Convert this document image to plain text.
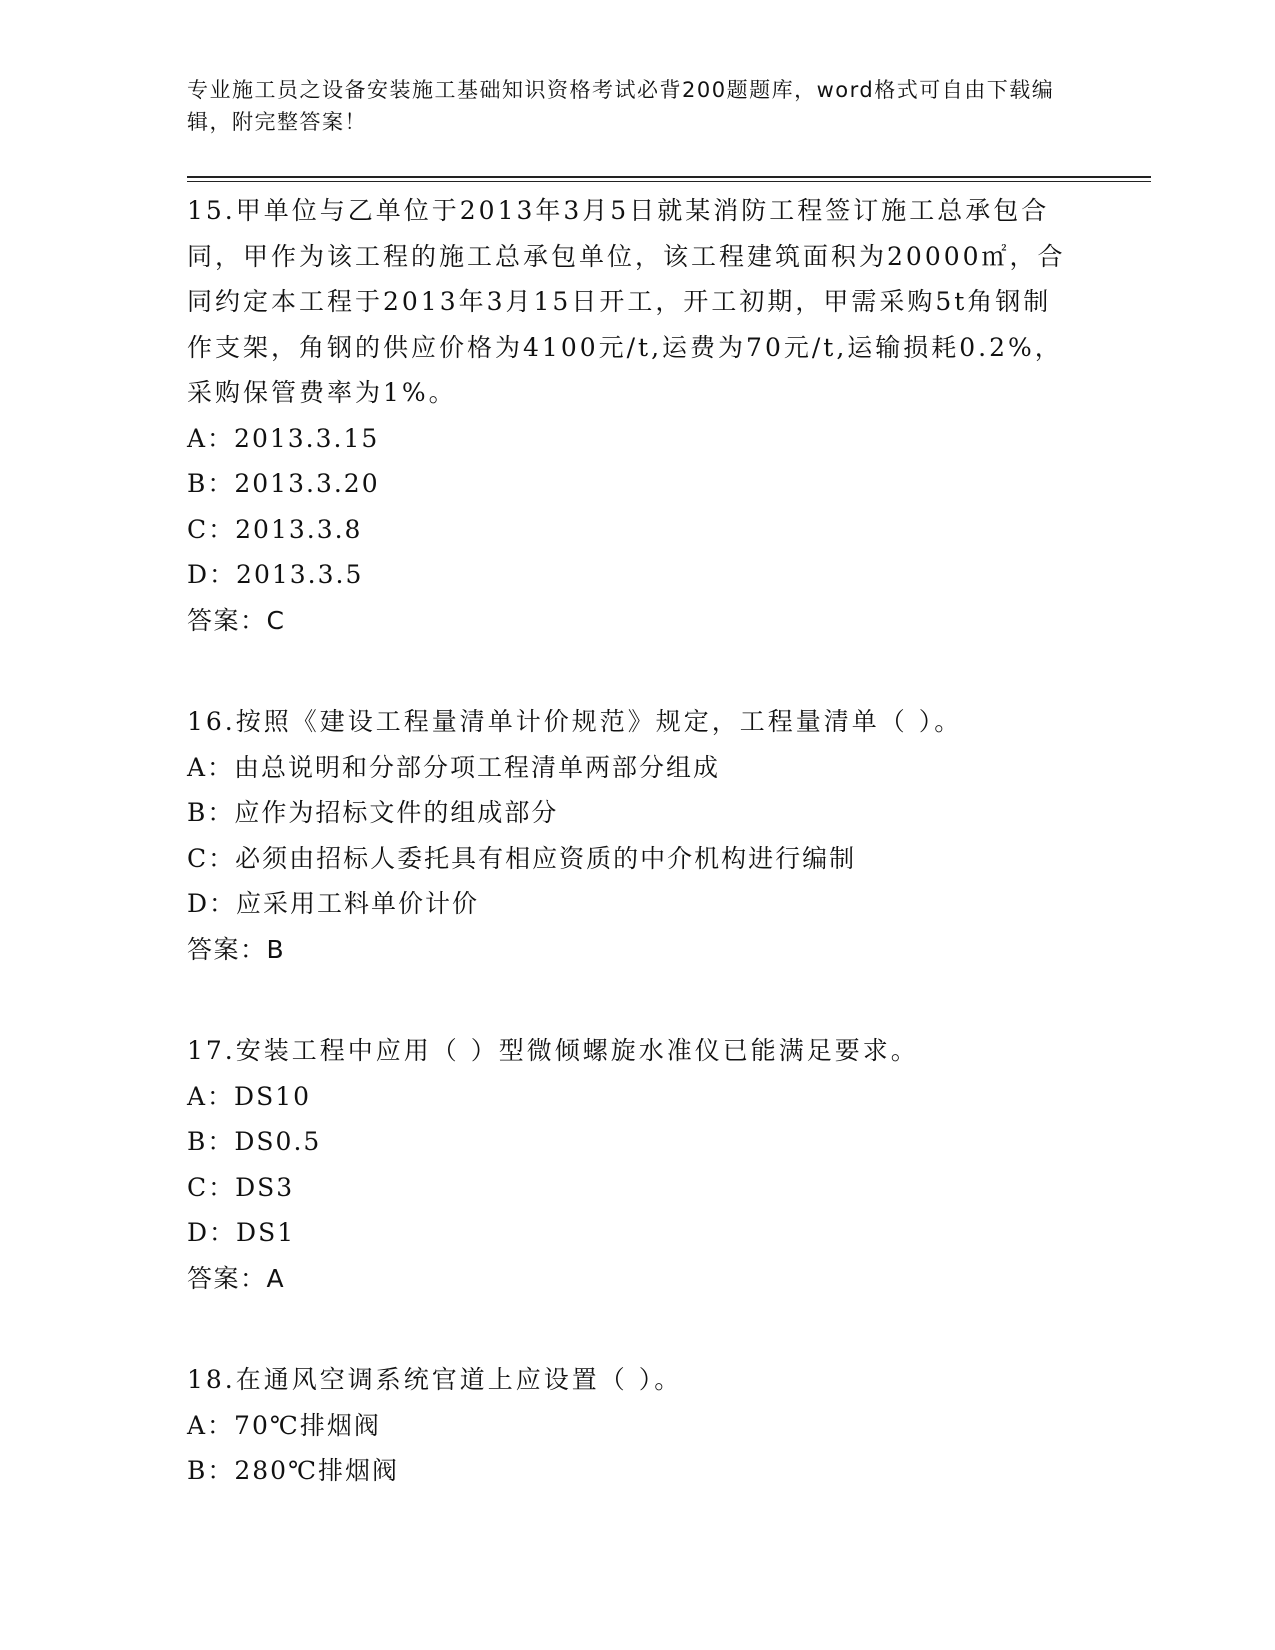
专业施工员之设备安装施工基础知识资格考试必背200题题库，word格式可自由下载编辑，附完整答案！

15.甲单位与乙单位于2013年3月5日就某消防工程签订施工总承包合同，甲作为该工程的施工总承包单位，该工程建筑面积为20000㎡，合同约定本工程于2013年3月15日开工，开工初期，甲需采购5t角钢制作支架，角钢的供应价格为4100元/t,运费为70元/t,运输损耗0.2%，采购保管费率为1%。

A：2013.3.15

B：2013.3.20

C：2013.3.8

D：2013.3.5

答案：C

16.按照《建设工程量清单计价规范》规定，工程量清单（ ）。

A：由总说明和分部分项工程清单两部分组成

B：应作为招标文件的组成部分

C：必须由招标人委托具有相应资质的中介机构进行编制

D：应采用工料单价计价

答案：B

17.安装工程中应用（ ）型微倾螺旋水准仪已能满足要求。

A：DS10

B：DS0.5

C：DS3

D：DS1

答案：A

18.在通风空调系统官道上应设置（ ）。

A：70℃排烟阀

B：280℃排烟阀
